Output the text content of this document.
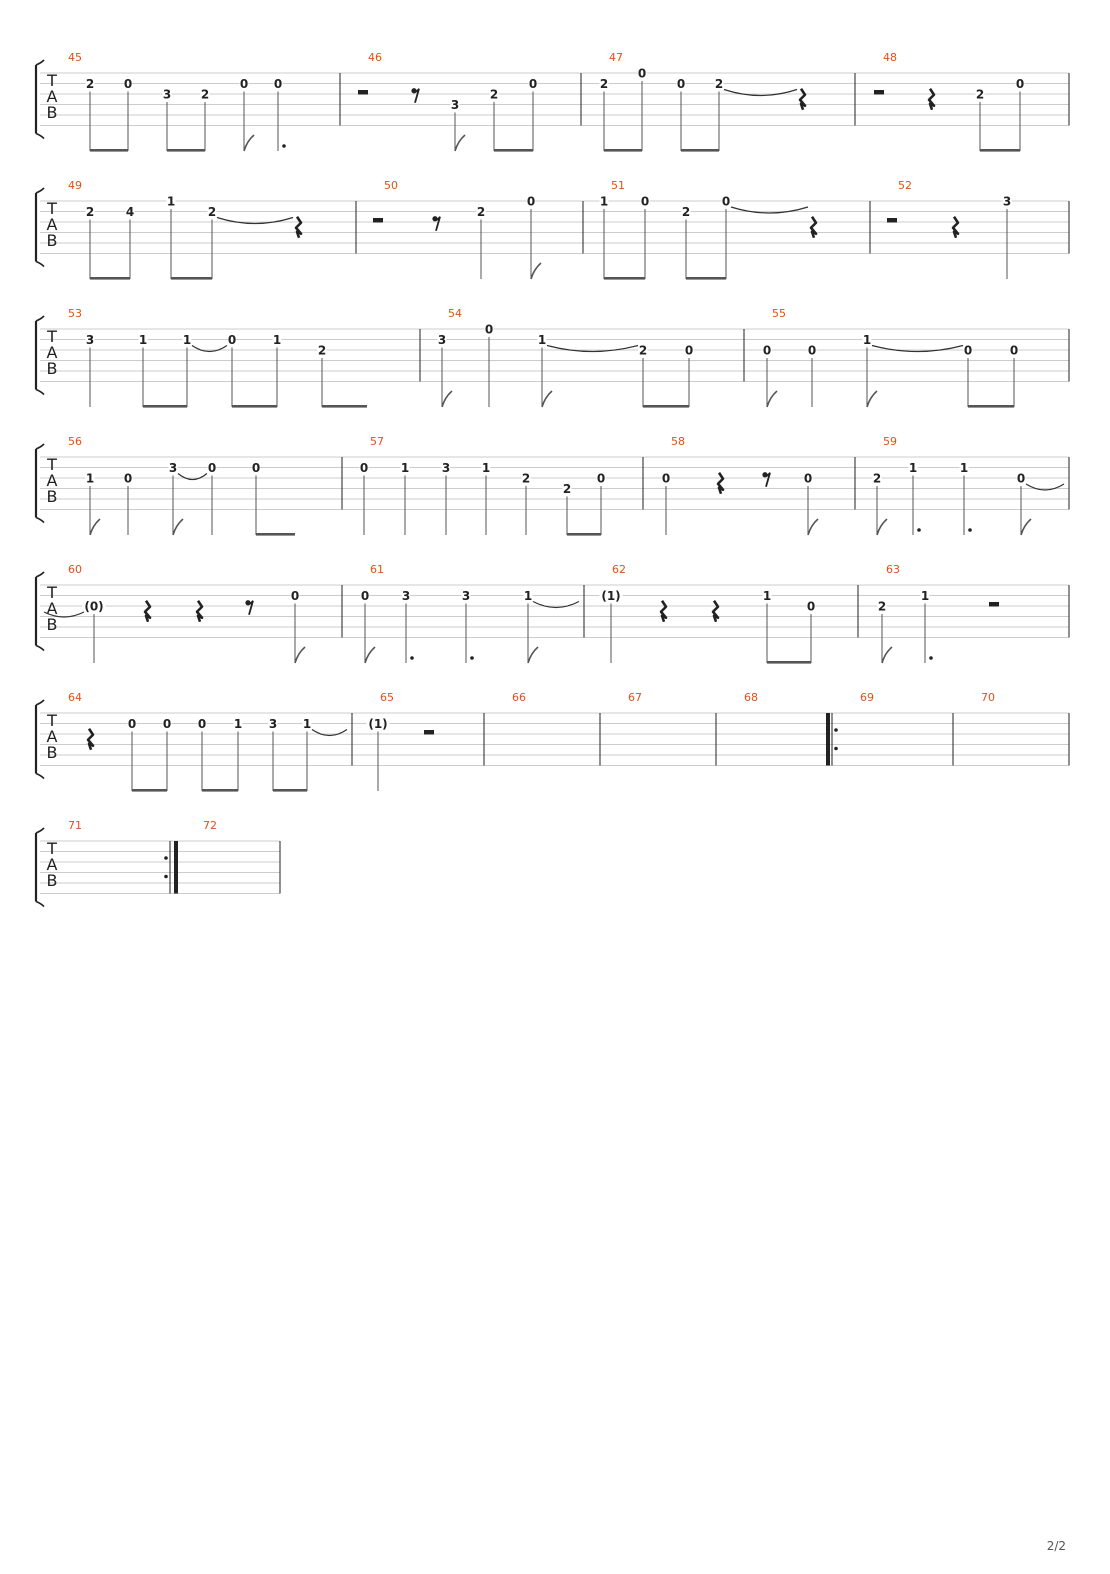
T
A
B
45
2 0
3 2
0 0
46
3
2
0
47
2
0
0 2
48
2
0
T
A
B
49
2	4
1
2
50
2
0
51
1	0
2
0
52
3
T
A
B
53
3	1	1	0	1
2
54
3
0
1
2	0
55
0	0
1
0	0
T
A
B
56
1 0
3	0	0
57
0	1	3	1
2
2
0
58
0	0
59
2
1	1
0
T
A
B
60
(0)
0
61
0	3	3	1
62
(1)	1
0
63
2
1
T
A
B
64
0 0 0 1 3 1
65
(1)
66	67	68	69	70
T
A
B
71	72
2/2
